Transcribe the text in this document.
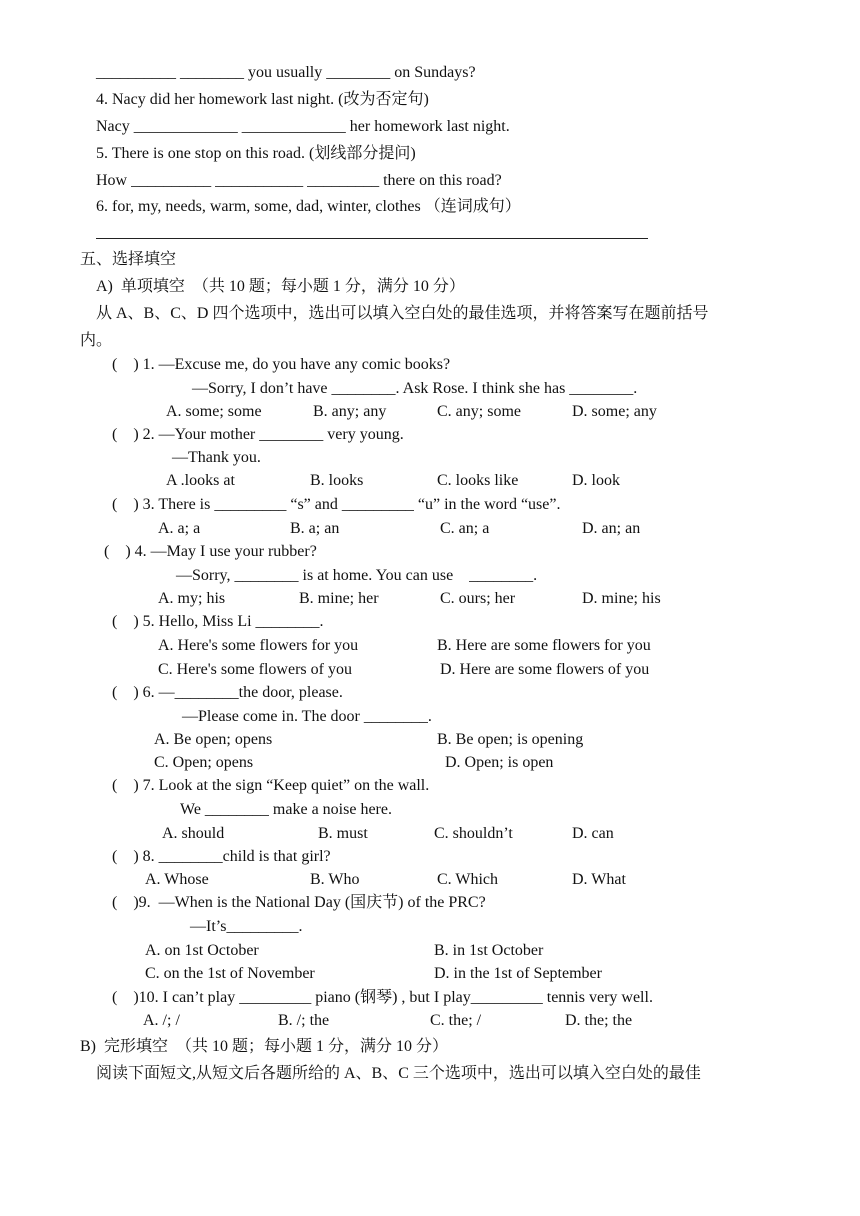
__________ ________ you usually ________ on Sundays?
4. Nacy did her homework last night. (改为否定句)
Nacy _____________ _____________ her homework last night.
5. There is one stop on this road. (划线部分提问)
How __________ ___________ _________ there on this road?
6. for, my, needs, warm, some, dad, winter, clothes （连词成句）
五、选择填空
A)  单项填空  （共 10 题；每小题 1 分，满分 10 分）
从 A、B、C、D 四个选项中，选出可以填入空白处的最佳选项，并将答案写在题前括号
内。
(    ) 1. —Excuse me, do you have any comic books?
—Sorry, I don’t have ________. Ask Rose. I think she has ________.
A. some; some	B. any; any	C. any; some	D. some; any
(    ) 2. —Your mother ________ very young.
—Thank you.
A .looks at	B. looks	C. looks like	D. look
(    ) 3. There is _________ “s” and _________ “u” in the word “use”.
A. a; a	B. a; an	C. an; a	D. an; an
(    ) 4. —May I use your rubber?
—Sorry, ________ is at home. You can use    ________.
A. my; his	B. mine; her	C. ours; her	D. mine; his
(    ) 5. Hello, Miss Li ________.
A. Here's some flowers for you	B. Here are some flowers for you
C. Here's some flowers of you	D. Here are some flowers of you
(    ) 6. —________the door, please.
—Please come in. The door ________.
A. Be open; opens	B. Be open; is opening
C. Open; opens	D. Open; is open
(    ) 7. Look at the sign “Keep quiet” on the wall.
We ________ make a noise here.
A. should	B. must	C. shouldn’t	D. can
(    ) 8. ________child is that girl?
A. Whose	B. Who	C. Which	D. What
(    )9.  —When is the National Day (国庆节) of the PRC?
—It’s_________.
A. on 1st October	B. in 1st October
C. on the 1st of November	D. in the 1st of September
(    )10. I can’t play _________ piano (钢琴) , but I play_________ tennis very well.
A. /; /	B. /; the	C. the; /	D. the; the
B)  完形填空  （共 10 题；每小题 1 分，满分 10 分）
阅读下面短文,从短文后各题所给的 A、B、C 三个选项中，选出可以填入空白处的最佳
